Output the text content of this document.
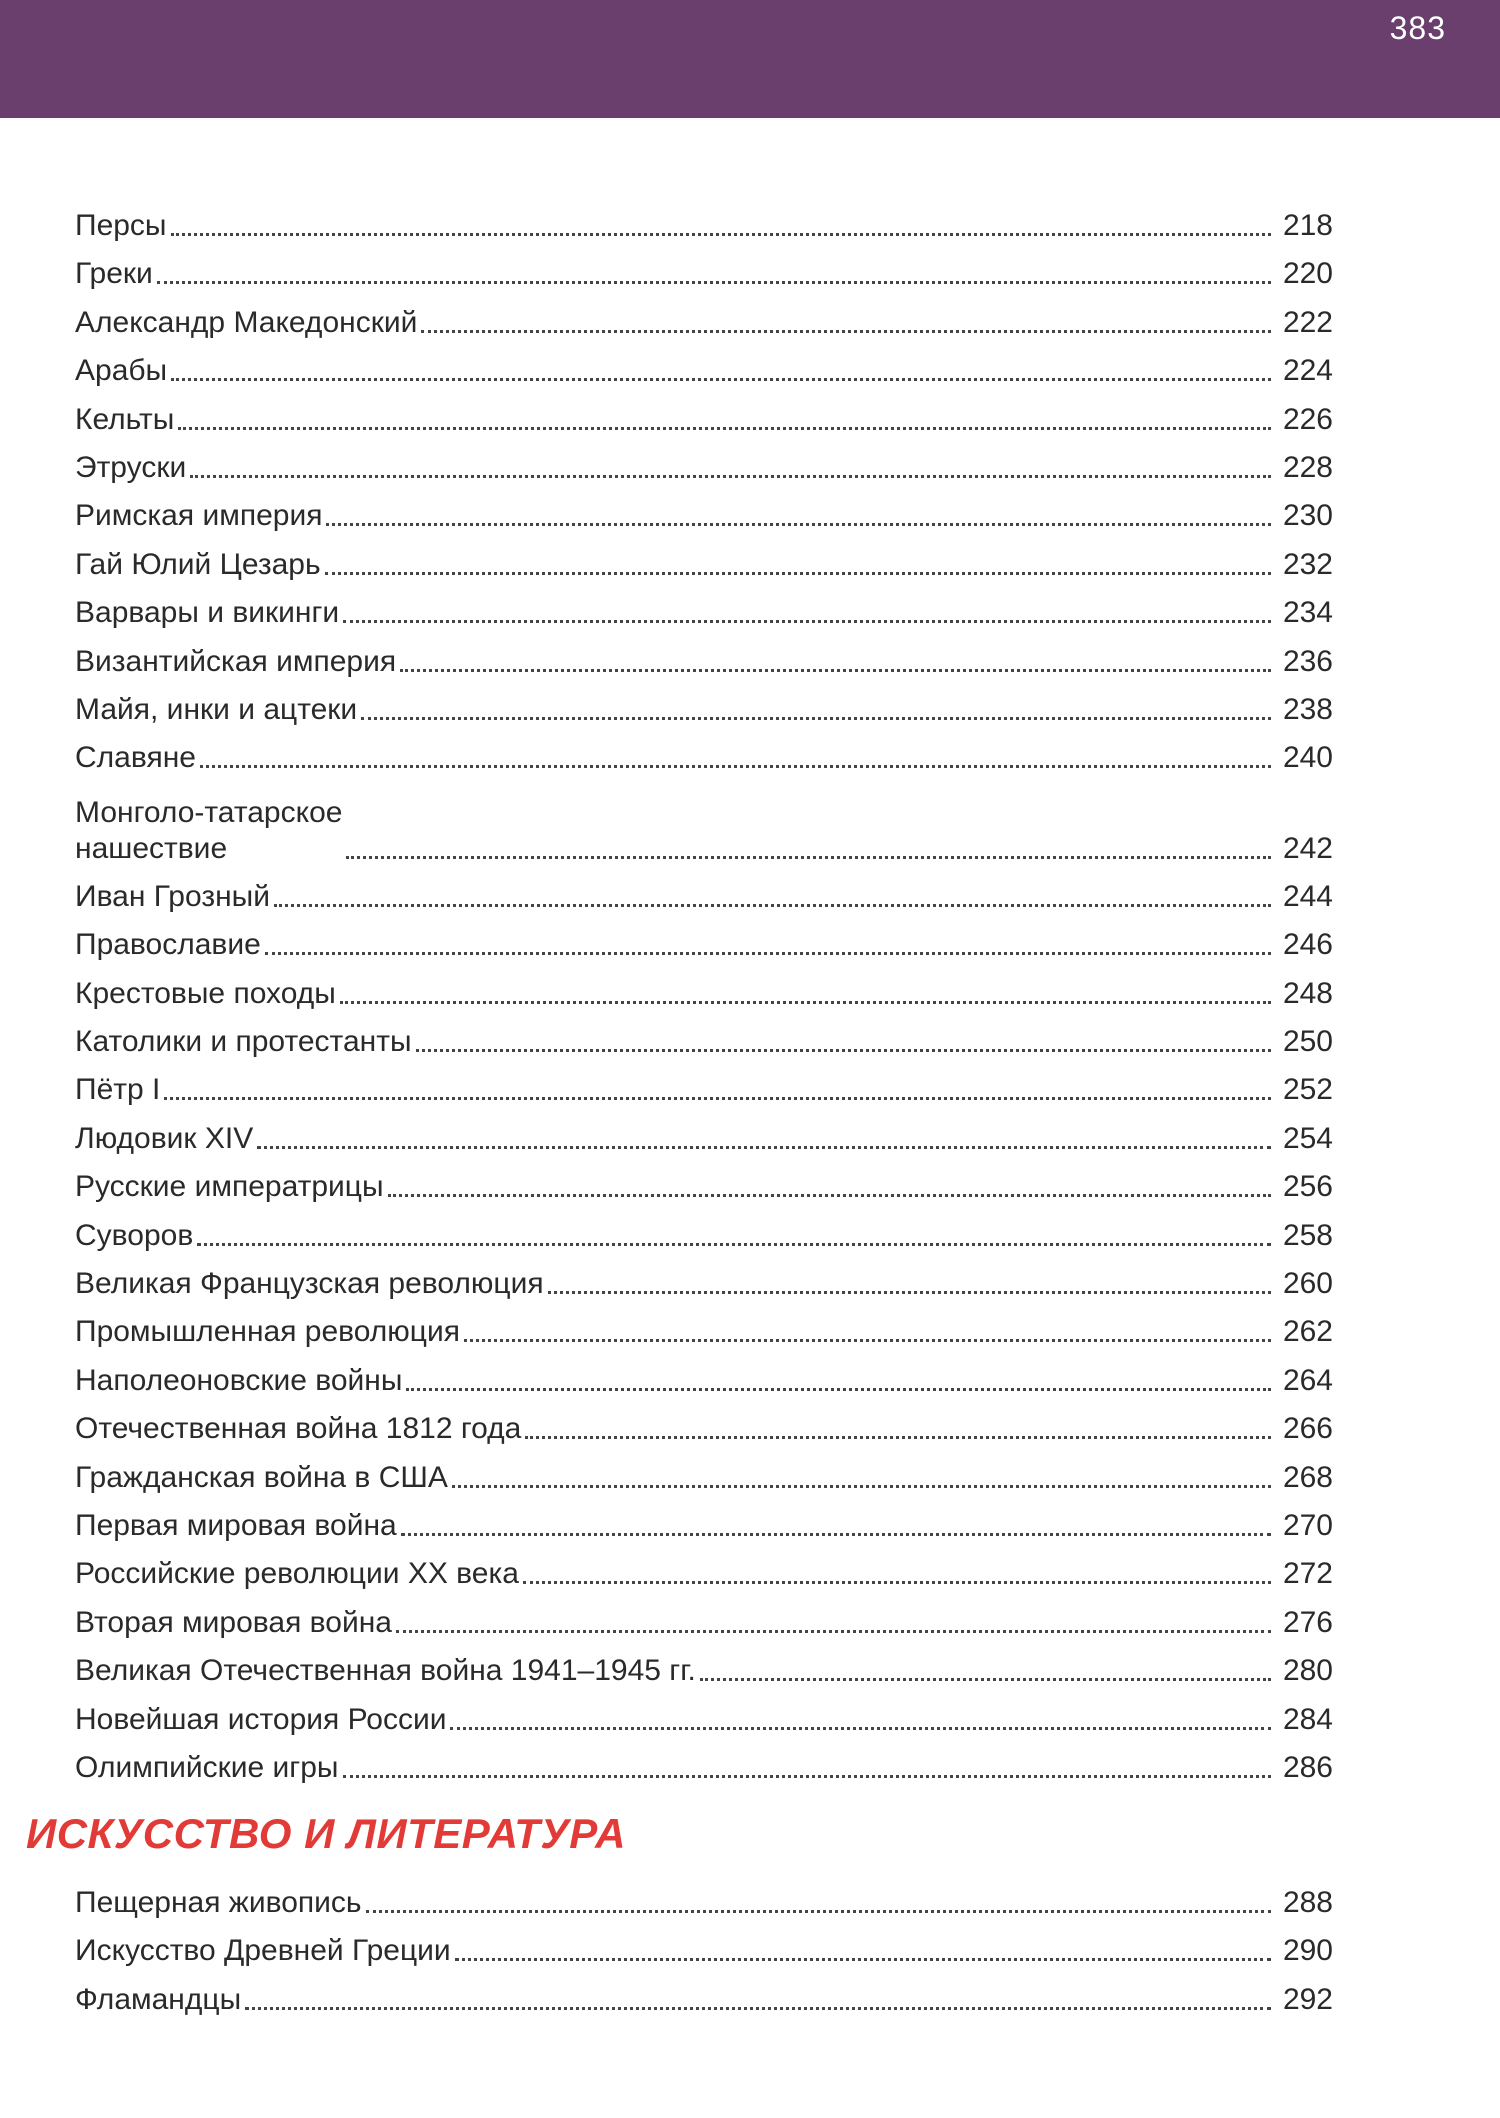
383
Персы	218
Греки	220
Александр Македонский	222
Арабы	224
Кельты	226
Этруски	228
Римская империя	230
Гай Юлий Цезарь	232
Варвары и викинги	234
Византийская империя	236
Майя, инки и ацтеки	238
Славяне	240
Монголо-татарское
нашествие	242
Иван Грозный	244
Православие	246
Крестовые походы	248
Католики и протестанты	250
Пётр I	252
Людовик XIV	254
Русские императрицы	256
Суворов	258
Великая Французская революция	260
Промышленная революция	262
Наполеоновские войны	264
Отечественная война 1812 года	266
Гражданская война в США	268
Первая мировая война	270
Российские революции XX века	272
Вторая мировая война	276
Великая Отечественная война 1941–1945 гг.	280
Новейшая история России	284
Олимпийские игры	286
ИСКУССТВО И ЛИТЕРАТУРА
Пещерная живопись	288
Искусство Древней Греции	290
Фламандцы	292
